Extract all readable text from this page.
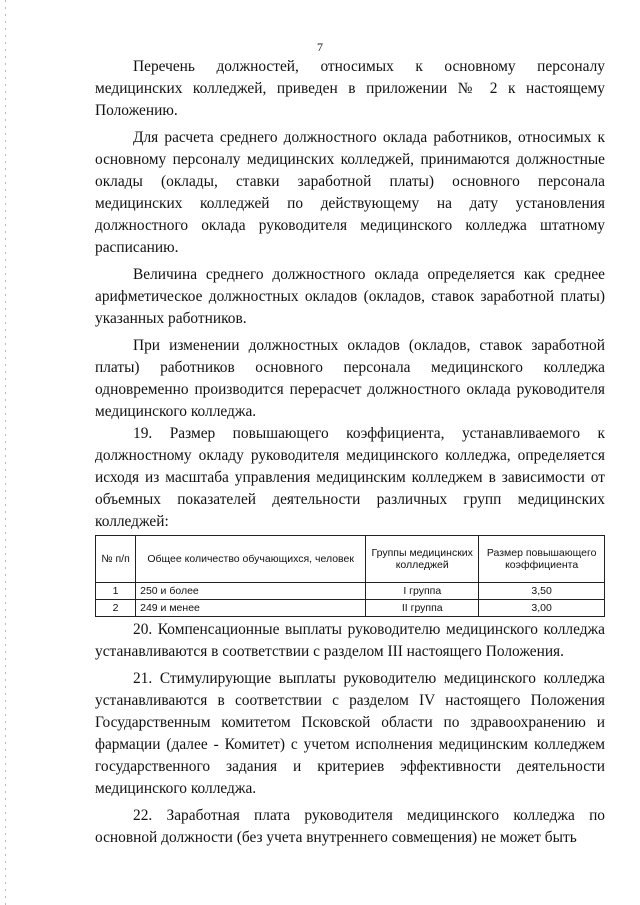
7

Перечень должностей, относимых к основному персоналу медицинских колледжей, приведен в приложении № 2 к настоящему Положению.

Для расчета среднего должностного оклада работников, относимых к основному персоналу медицинских колледжей, принимаются должностные оклады (оклады, ставки заработной платы) основного персонала медицинских колледжей по действующему на дату установления должностного оклада руководителя медицинского колледжа штатному расписанию.

Величина среднего должностного оклада определяется как среднее арифметическое должностных окладов (окладов, ставок заработной платы) указанных работников.

При изменении должностных окладов (окладов, ставок заработной платы) работников основного персонала медицинского колледжа одновременно производится перерасчет должностного оклада руководителя медицинского колледжа.

19. Размер повышающего коэффициента, устанавливаемого к должностному окладу руководителя медицинского колледжа, определяется исходя из масштаба управления медицинским колледжем в зависимости от объемных показателей деятельности различных групп медицинских колледжей:

№ п/п	Общее количество обучающихся, человек	Группы медицинских колледжей	Размер повышающего коэффициента
1	250 и более	I группа	3,50
2	249 и менее	II группа	3,00

20. Компенсационные выплаты руководителю медицинского колледжа устанавливаются в соответствии с разделом III настоящего Положения.

21. Стимулирующие выплаты руководителю медицинского колледжа устанавливаются в соответствии с разделом IV настоящего Положения Государственным комитетом Псковской области по здравоохранению и фармации (далее - Комитет) с учетом исполнения медицинским колледжем государственного задания и критериев эффективности деятельности медицинского колледжа.

22. Заработная плата руководителя медицинского колледжа по основной должности (без учета внутреннего совмещения) не может быть
